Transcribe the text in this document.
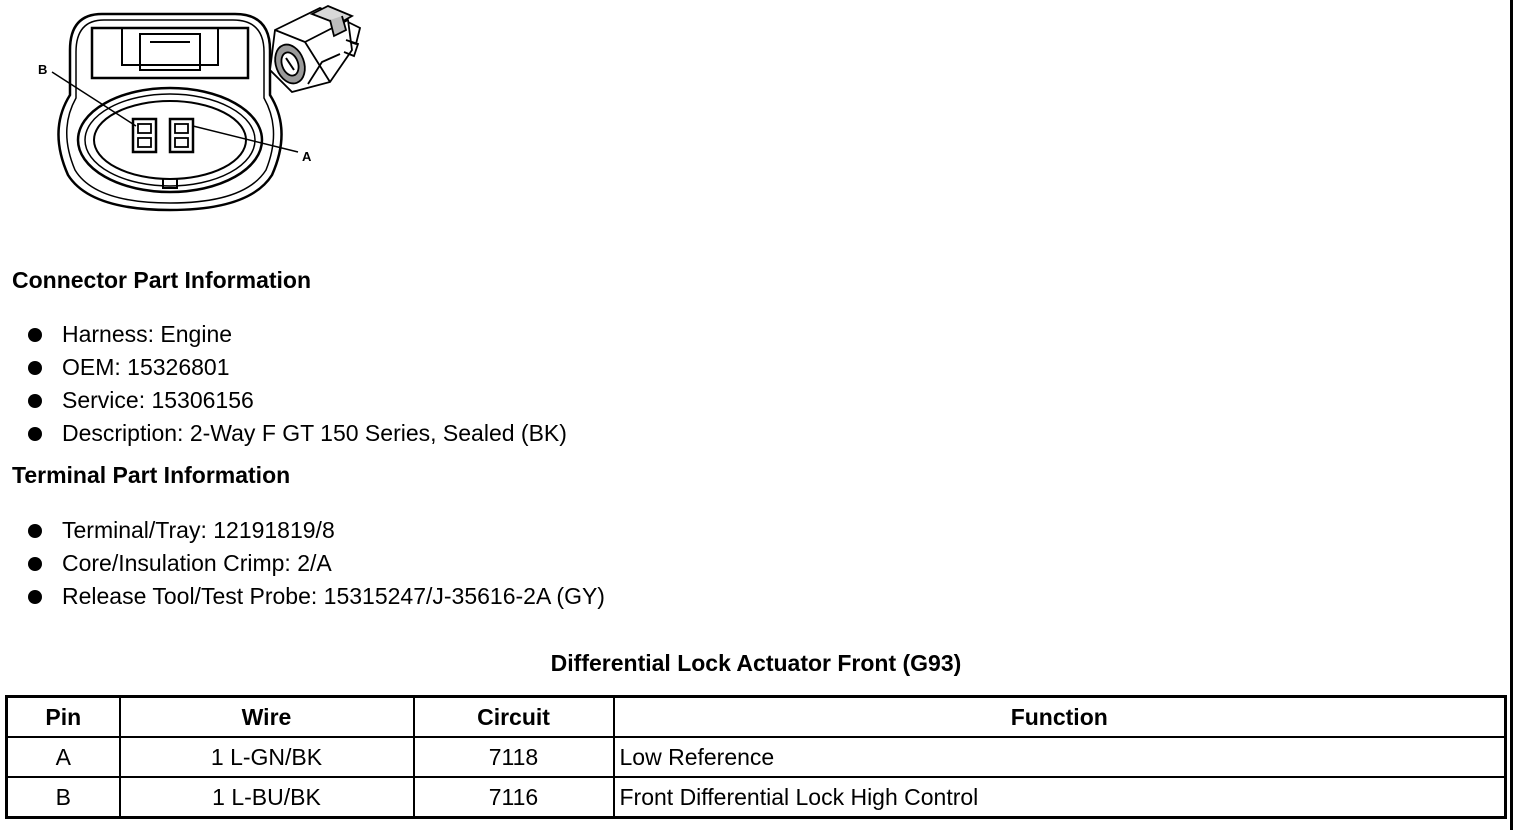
B
A
Connector Part Information
Harness: Engine
OEM: 15326801
Service: 15306156
Description: 2-Way F GT 150 Series, Sealed (BK)
Terminal Part Information
Terminal/Tray: 12191819/8
Core/Insulation Crimp: 2/A
Release Tool/Test Probe: 15315247/J-35616-2A (GY)
Differential Lock Actuator Front (G93)
Pin	Wire	Circuit	Function
A	1 L-GN/BK	7118	Low Reference
B	1 L-BU/BK	7116	Front Differential Lock High Control
